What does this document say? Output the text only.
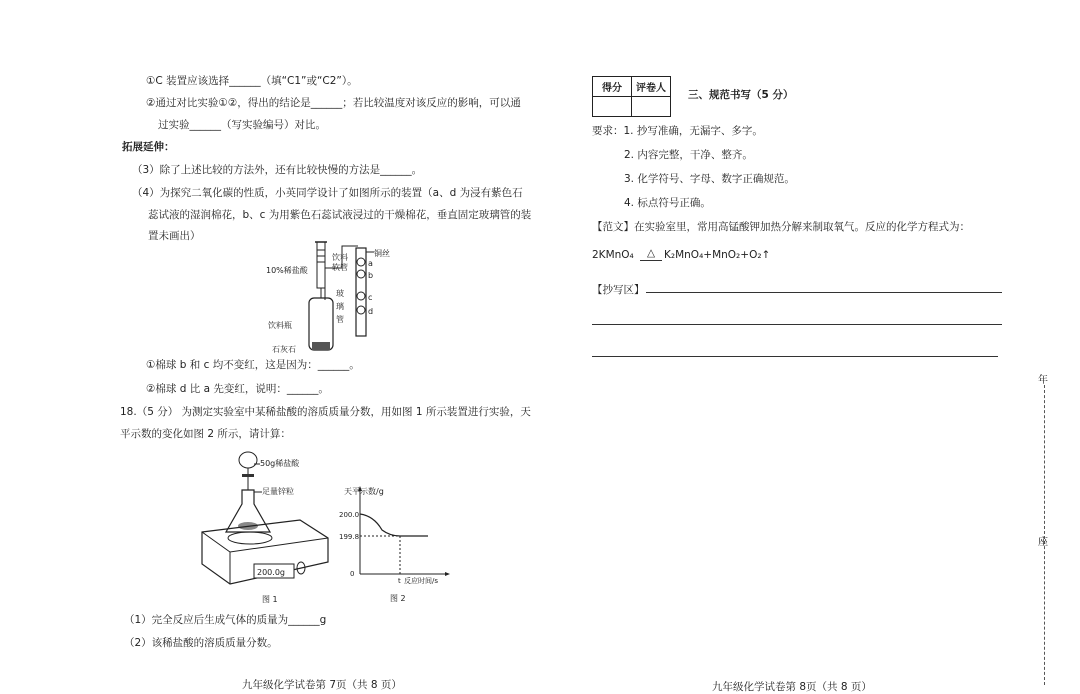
①C 装置应该选择______（填“C1”或“C2”）。
②通过对比实验①②，得出的结论是______；若比较温度对该反应的影响，可以通
过实验______（写实验编号）对比。
拓展延伸：
（3）除了上述比较的方法外，还有比较快慢的方法是______。
（4）为探究二氧化碳的性质，小英同学设计了如图所示的装置（a、d 为浸有紫色石
蕊试液的湿润棉花，b、c 为用紫色石蕊试液浸过的干燥棉花，垂直固定玻璃管的装
置未画出）
10%稀盐酸
饮料
软管
铜丝
玻
璃
管
a
b
c
d
饮料瓶
石灰石
①棉球 b 和 c 均不变红，这是因为：______。
②棉球 d 比 a 先变红，说明：______。
18.（5 分） 为测定实验室中某稀盐酸的溶质质量分数，用如图 1 所示装置进行实验，天
平示数的变化如图 2 所示，请计算：
200.0g
50g稀盐酸
足量锌粒
图 1
天平示数/g
200.0
199.8
0
t 反应时间/s
图 2
（1）完全反应后生成气体的质量为______g
（2）该稀盐酸的溶质质量分数。
九年级化学试卷第 7页（共 8 页）
得分	评卷人

三、规范书写（5 分）
要求：1. 抄写准确，无漏字、多字。
2. 内容完整，干净、整齐。
3. 化学符号、字母、数字正确规范。
4. 标点符号正确。
【范文】在实验室里，常用高锰酸钾加热分解来制取氧气。反应的化学方程式为：
2KMnO₄	△ K₂MnO₄+MnO₂+O₂↑
【抄写区】
九年级化学试卷第 8页（共 8 页）
年
座
